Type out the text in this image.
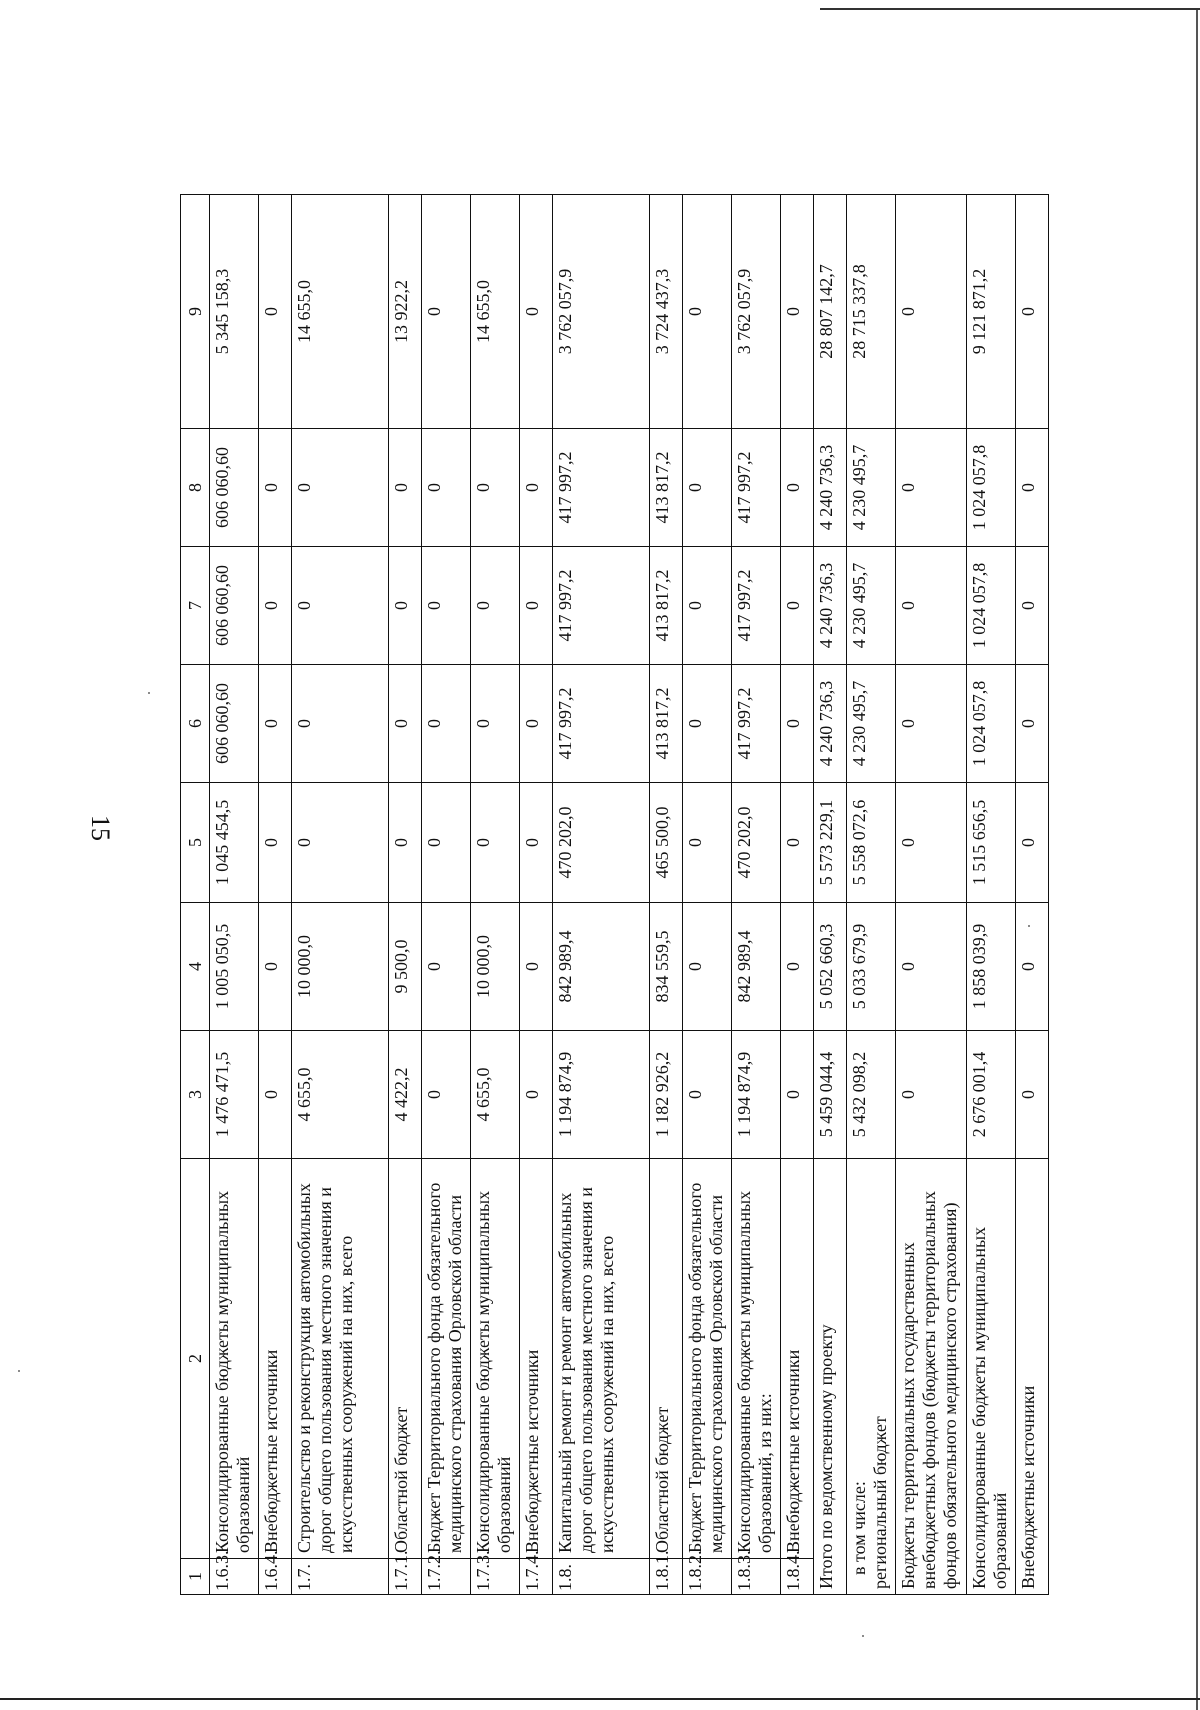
15
1	2	3	4	5	6	7	8	9
1.6.3.	Консолидированные бюджеты муниципальных образований	1 476 471,5	1 005 050,5	1 045 454,5	606 060,60	606 060,60	606 060,60	5 345 158,3
1.6.4.	Внебюджетные источники	0	0	0	0	0	0	0
1.7.	Строительство и реконструкция автомобильных дорог общего пользования местного значения и искусственных сооружений на них, всего	4 655,0	10 000,0	0	0	0	0	14 655,0
1.7.1.	Областной бюджет	4 422,2	9 500,0	0	0	0	0	13 922,2
1.7.2.	Бюджет Территориального фонда обязательного медицинского страхования Орловской области	0	0	0	0	0	0	0
1.7.3.	Консолидированные бюджеты муниципальных образований	4 655,0	10 000,0	0	0	0	0	14 655,0
1.7.4.	Внебюджетные источники	0	0	0	0	0	0	0
1.8.	Капитальный ремонт и ремонт автомобильных дорог общего пользования местного значения и искусственных сооружений на них, всего	1 194 874,9	842 989,4	470 202,0	417 997,2	417 997,2	417 997,2	3 762 057,9
1.8.1.	Областной бюджет	1 182 926,2	834 559,5	465 500,0	413 817,2	413 817,2	413 817,2	3 724 437,3
1.8.2.	Бюджет Территориального фонда обязательного медицинского страхования Орловской области	0	0	0	0	0	0	0
1.8.3.	Консолидированные бюджеты муниципальных образований, из них:	1 194 874,9	842 989,4	470 202,0	417 997,2	417 997,2	417 997,2	3 762 057,9
1.8.4.	Внебюджетные источники	0	0	0	0	0	0	0
Итого по ведомственному проекту		5 459 044,4	5 052 660,3	5 573 229,1	4 240 736,3	4 240 736,3	4 240 736,3	28 807 142,7

в том числе: региональный бюджет		5 432 098,2	5 033 679,9	5 558 072,6	4 230 495,7	4 230 495,7	4 230 495,7	28 715 337,8
Бюджеты территориальных государственных внебюджетных фондов (бюджеты территориальных фондов обязательного медицинского страхования)		0	0	0	0	0	0	0
Консолидированные бюджеты муниципальных образований		2 676 001,4	1 858 039,9	1 515 656,5	1 024 057,8	1 024 057,8	1 024 057,8	9 121 871,2
Внебюджетные источники		0	0	0	0	0	0	0
